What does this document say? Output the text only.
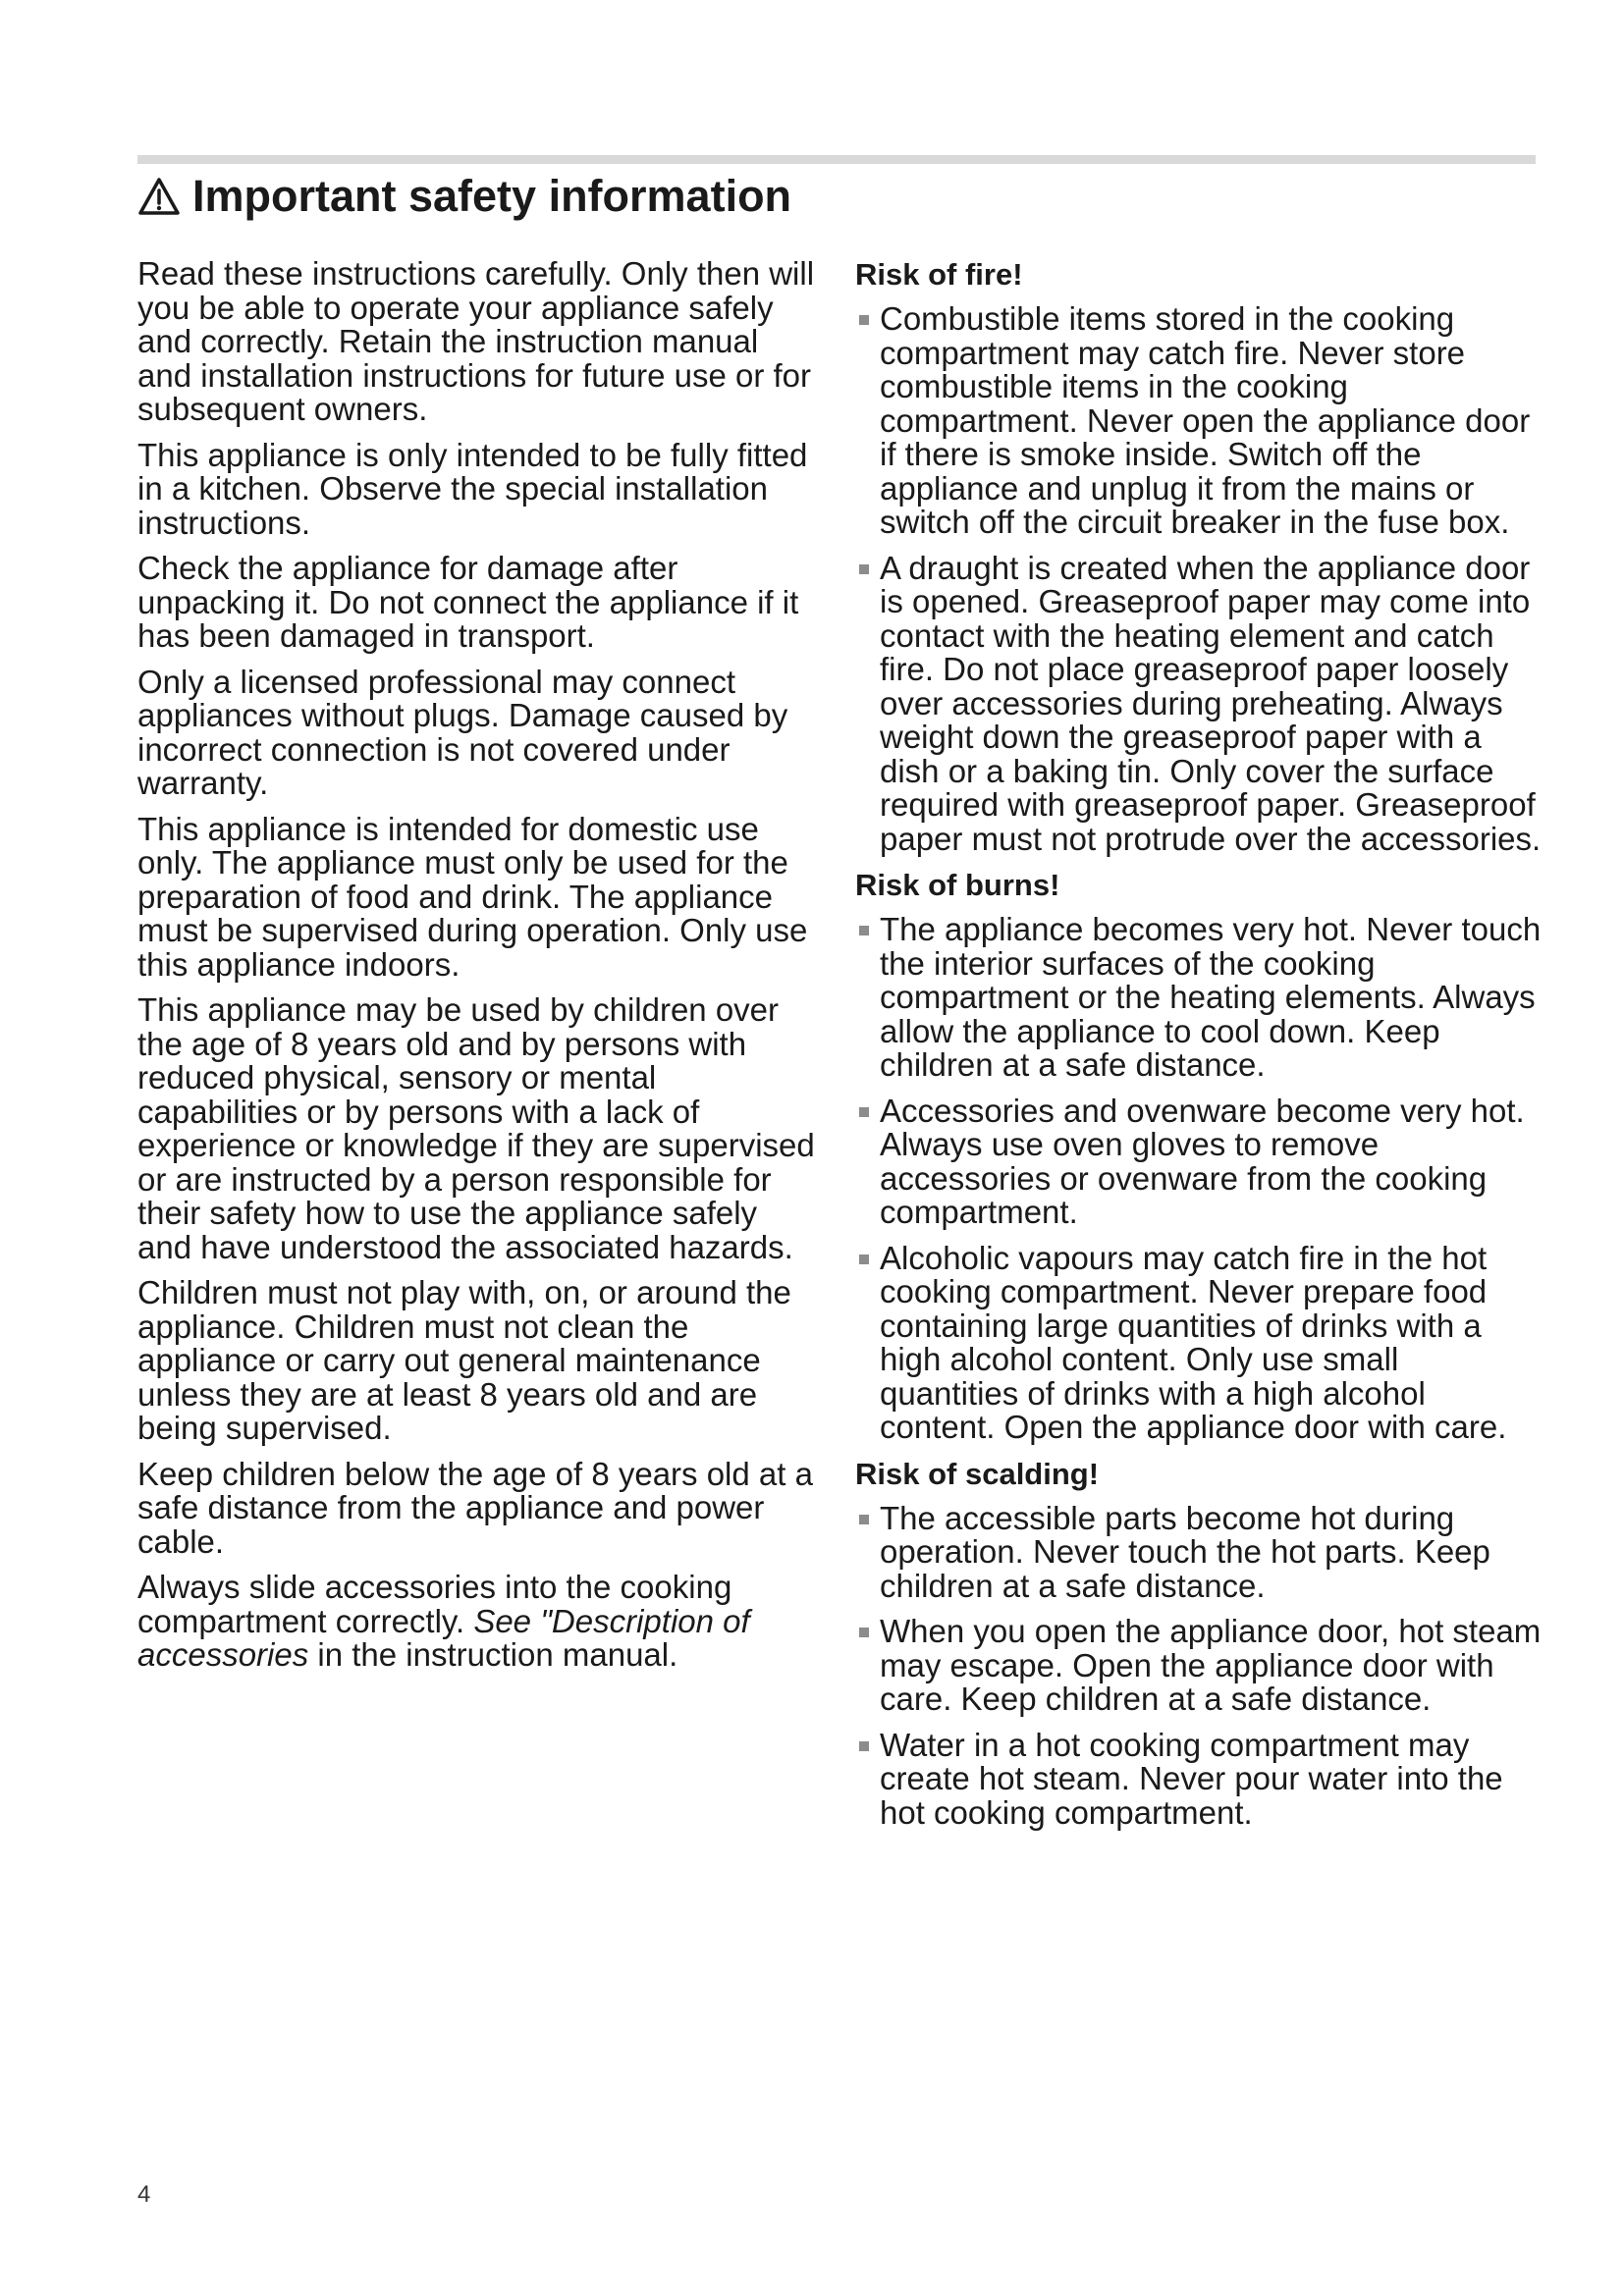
Important safety information

Read these instructions carefully. Only then will you be able to operate your appliance safely and correctly. Retain the instruction manual and installation instructions for future use or for subsequent owners.

This appliance is only intended to be fully fitted in a kitchen. Observe the special installation instructions.

Check the appliance for damage after unpacking it. Do not connect the appliance if it has been damaged in transport.

Only a licensed professional may connect appliances without plugs. Damage caused by incorrect connection is not covered under warranty.

This appliance is intended for domestic use only. The appliance must only be used for the preparation of food and drink. The appliance must be supervised during operation. Only use this appliance indoors.

This appliance may be used by children over the age of 8 years old and by persons with reduced physical, sensory or mental capabilities or by persons with a lack of experience or knowledge if they are supervised or are instructed by a person responsible for their safety how to use the appliance safely and have understood the associated hazards.

Children must not play with, on, or around the appliance. Children must not clean the appliance or carry out general maintenance unless they are at least 8 years old and are being supervised.

Keep children below the age of 8 years old at a safe distance from the appliance and power cable.

Always slide accessories into the cooking compartment correctly. See "Description of accessories in the instruction manual.

Risk of fire!
Combustible items stored in the cooking compartment may catch fire. Never store combustible items in the cooking compartment. Never open the appliance door if there is smoke inside. Switch off the appliance and unplug it from the mains or switch off the circuit breaker in the fuse box.
A draught is created when the appliance door is opened. Greaseproof paper may come into contact with the heating element and catch fire. Do not place greaseproof paper loosely over accessories during preheating. Always weight down the greaseproof paper with a dish or a baking tin. Only cover the surface required with greaseproof paper. Greaseproof paper must not protrude over the accessories.
Risk of burns!
The appliance becomes very hot. Never touch the interior surfaces of the cooking compartment or the heating elements. Always allow the appliance to cool down. Keep children at a safe distance.
Accessories and ovenware become very hot. Always use oven gloves to remove accessories or ovenware from the cooking compartment.
Alcoholic vapours may catch fire in the hot cooking compartment. Never prepare food containing large quantities of drinks with a high alcohol content. Only use small quantities of drinks with a high alcohol content. Open the appliance door with care.
Risk of scalding!
The accessible parts become hot during operation. Never touch the hot parts. Keep children at a safe distance.
When you open the appliance door, hot steam may escape. Open the appliance door with care. Keep children at a safe distance.
Water in a hot cooking compartment may create hot steam. Never pour water into the hot cooking compartment.
4
